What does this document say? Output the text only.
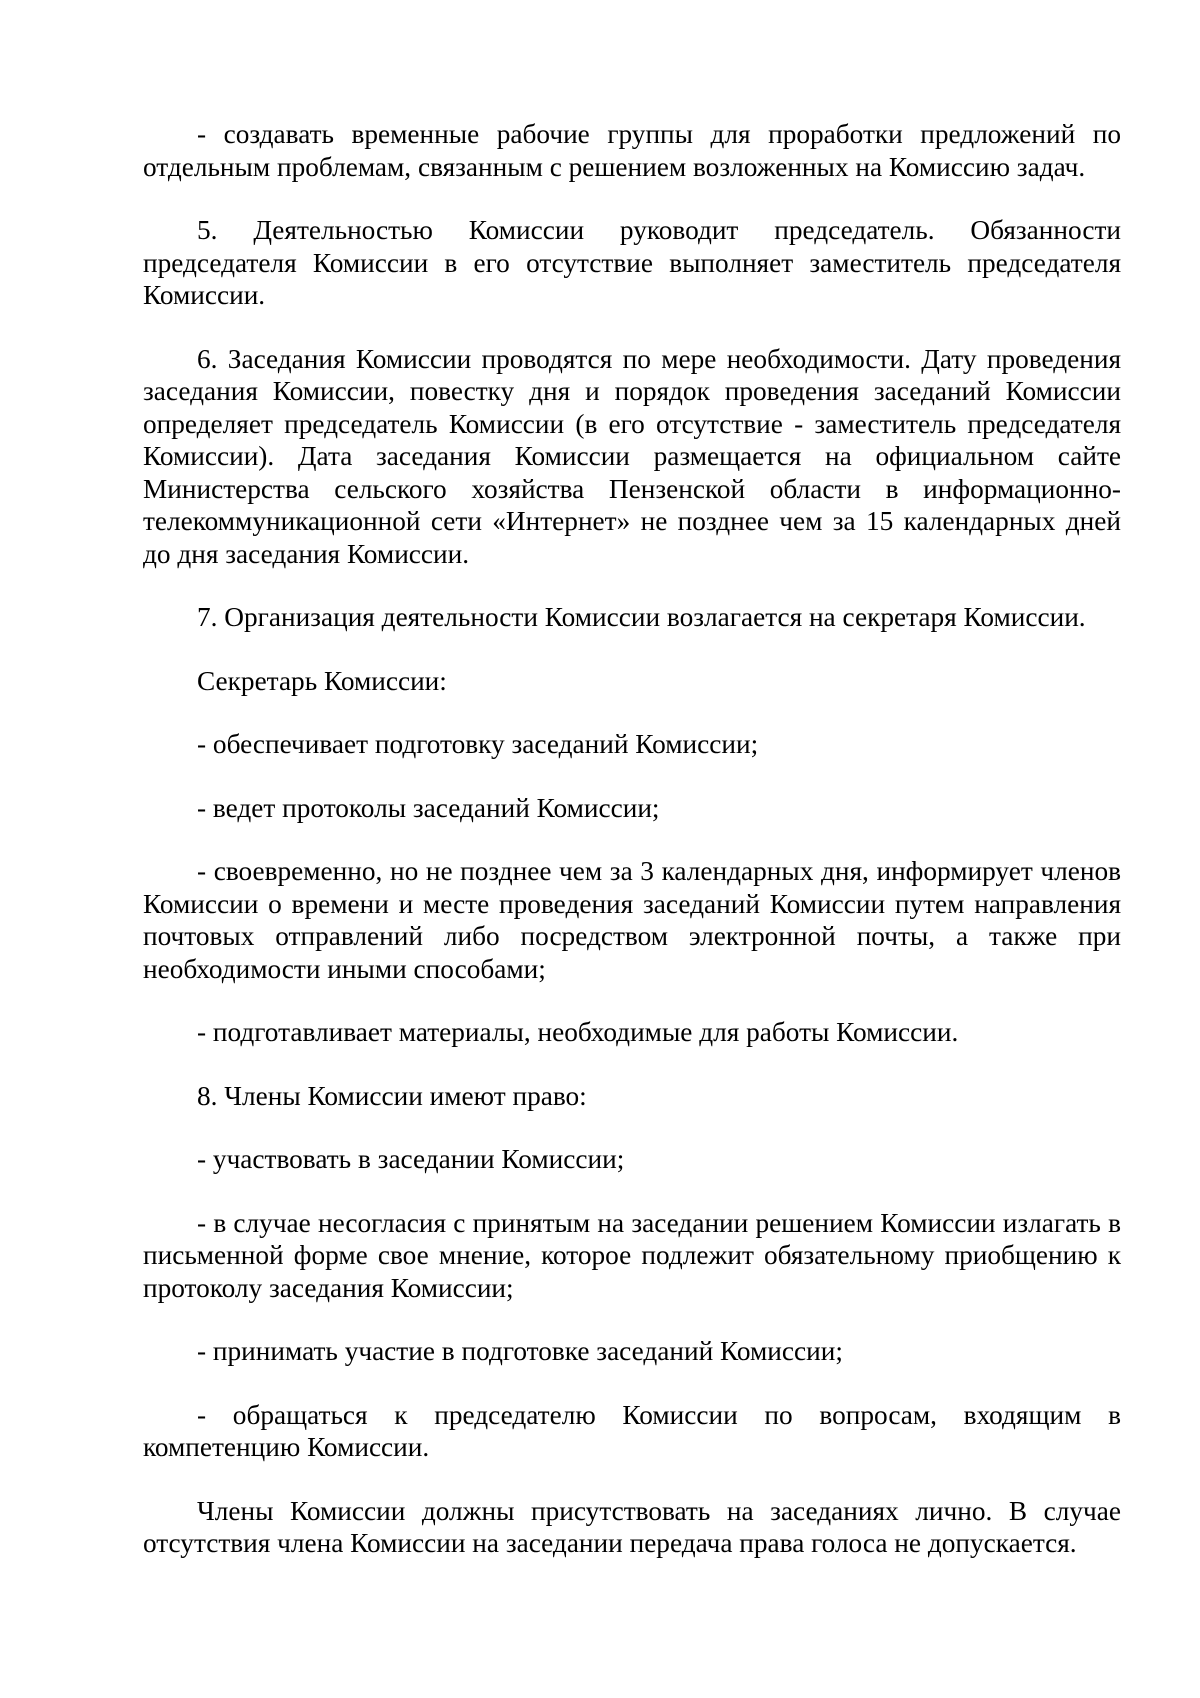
- создавать временные рабочие группы для проработки предложений по отдельным проблемам, связанным с решением возложенных на Комиссию задач.

5. Деятельностью Комиссии руководит председатель. Обязанности председателя Комиссии в его отсутствие выполняет заместитель председателя Комиссии.

6. Заседания Комиссии проводятся по мере необходимости. Дату проведения заседания Комиссии, повестку дня и порядок проведения заседаний Комиссии определяет председатель Комиссии (в его отсутствие - заместитель председателя Комиссии). Дата заседания Комиссии размещается на официальном сайте Министерства сельского хозяйства Пензенской области в информационно-телекоммуникационной сети «Интернет» не позднее чем за 15 календарных дней до дня заседания Комиссии.

7. Организация деятельности Комиссии возлагается на секретаря Комиссии.

Секретарь Комиссии:

- обеспечивает подготовку заседаний Комиссии;

- ведет протоколы заседаний Комиссии;

- своевременно, но не позднее чем за 3 календарных дня, информирует членов Комиссии о времени и месте проведения заседаний Комиссии путем направления почтовых отправлений либо посредством электронной почты, а также при необходимости иными способами;

- подготавливает материалы, необходимые для работы Комиссии.

8. Члены Комиссии имеют право:

- участвовать в заседании Комиссии;

- в случае несогласия с принятым на заседании решением Комиссии излагать в письменной форме свое мнение, которое подлежит обязательному приобщению к протоколу заседания Комиссии;

- принимать участие в подготовке заседаний Комиссии;

- обращаться к председателю Комиссии по вопросам, входящим в компетенцию Комиссии.

Члены Комиссии должны присутствовать на заседаниях лично. В случае отсутствия члена Комиссии на заседании передача права голоса не допускается.
